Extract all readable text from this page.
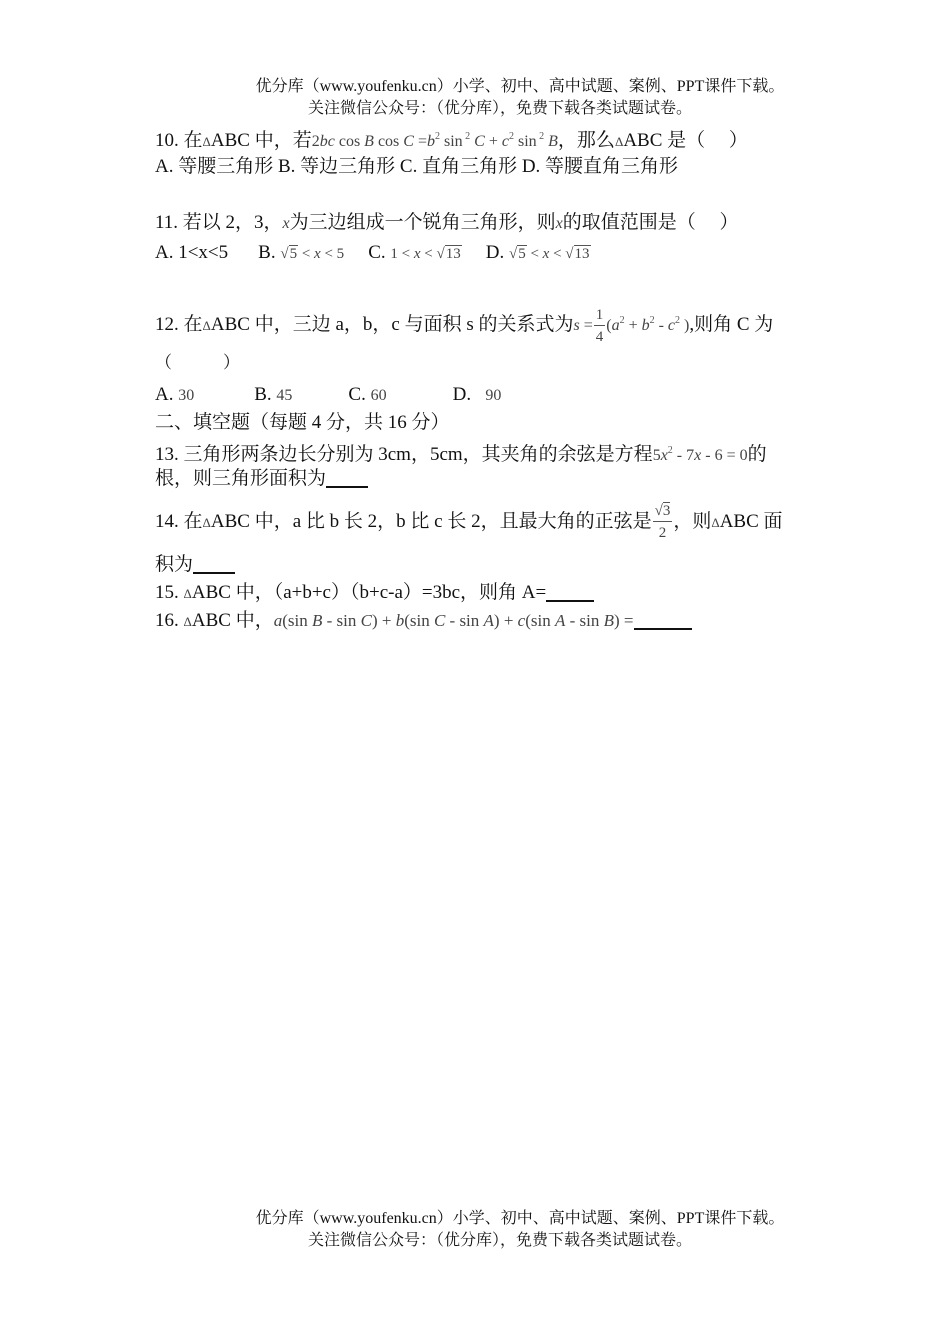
优分库（www.youfenku.cn）小学、初中、高中试题、案例、PPT课件下载。
关注微信公众号：（优分库），免费下载各类试题试卷。
10. 在ΔABC 中，若2bc cos B $\cos C =b^2$ sin $^2$ $C + c^2$ sin $^2$ B，那么ΔABC 是（　 ）
A. 等腰三角形 B. 等边三角形 C. 直角三角形 D. 等腰直角三角形
11. 若以 2，3，x为三边组成一个锐角三角形，则x的取值范围是（　 ）
A. 1<x<5 B. √5 < x < 5 C. 1 < x < √13 D. √5 < x < √13
12. 在ΔABC 中，三边 a，b，c 与面积 s 的关系式为$s = \frac{1}{4} (a^2 + b^2 - c^2$ ),则角 C 为
（　　　）
A. 30	B. 45	C. 60	D. 90
二、填空题（每题 4 分，共 16 分）
13. 三角形两条边长分别为 3cm，5cm，其夹角的余弦是方程$5x^2 - 7x - 6 = 0$的
根，则三角形面积为
14. 在ΔABC 中，a 比 b 长 2，b 比 c 长 2，且最大角的正弦是 $\frac{√3}{2}$ ，则ΔABC 面
积为
15. ΔABC 中，（a+b+c）（b+c-a）=3bc，则角 A=
16. ΔABC 中，a(sin B - sin C) + b(sin C - sin A) + c(sin A - sin B) =
优分库（www.youfenku.cn）小学、初中、高中试题、案例、PPT课件下载。
关注微信公众号：（优分库），免费下载各类试题试卷。
